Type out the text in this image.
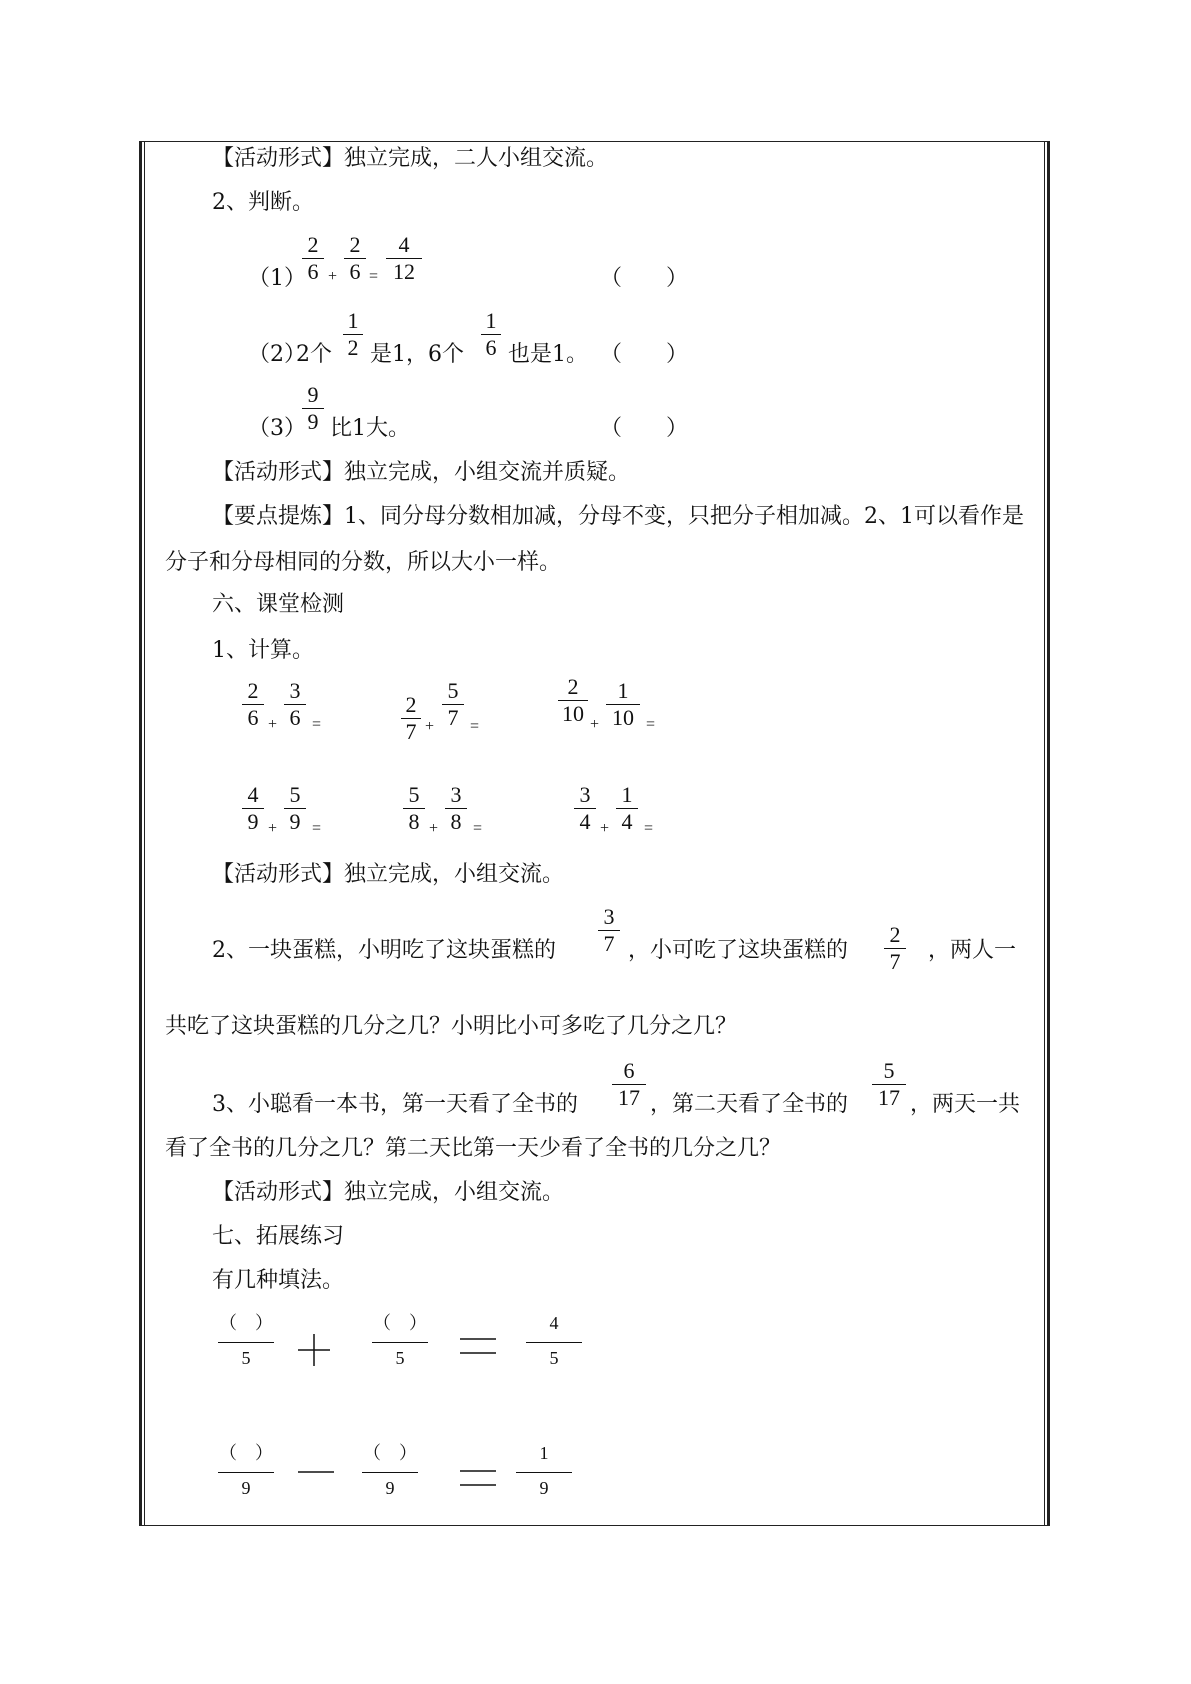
【活动形式】独立完成，二人小组交流。
2、判断。
（1）
$\frac{2}{6} + \frac{2}{6} = \frac{4}{12}$	（　　）
（2）
2个 $\frac{1}{2}$ 是1，6个 $\frac{1}{6}$ 也是1。 （　　）
（3）
$\frac{9}{9}$ 比1大。	（　　）
【活动形式】独立完成，小组交流并质疑。
【要点提炼】1、同分母分数相加减，分母不变，只把分子相加减。2、1可以看作是分子和分母相同的分数，所以大小一样。
六、课堂检测
1、计算。
$\frac{2}{6} + \frac{3}{6}$ =	$\frac{2}{7} + \frac{5}{7}$ =	$\frac{2}{10} + \frac{1}{10}$ =
$\frac{4}{9} + \frac{5}{9}$ =	$\frac{5}{8} + \frac{3}{8}$ =	$\frac{3}{4} + \frac{1}{4}$ =
【活动形式】独立完成，小组交流。
2、一块蛋糕，小明吃了这块蛋糕的 $\frac{3}{7}$ ，小可吃了这块蛋糕的 $\frac{2}{7}$ ，两人一
共吃了这块蛋糕的几分之几？小明比小可多吃了几分之几？
3、小聪看一本书，第一天看了全书的 $\frac{6}{17}$ ，第二天看了全书的 $\frac{5}{17}$ ，两天一共
看了全书的几分之几？第二天比第一天少看了全书的几分之几？
【活动形式】独立完成，小组交流。
七、拓展练习
有几种填法。
（　）
5
（　）
5
4
5
（　）
9
（　）
9
1
9
